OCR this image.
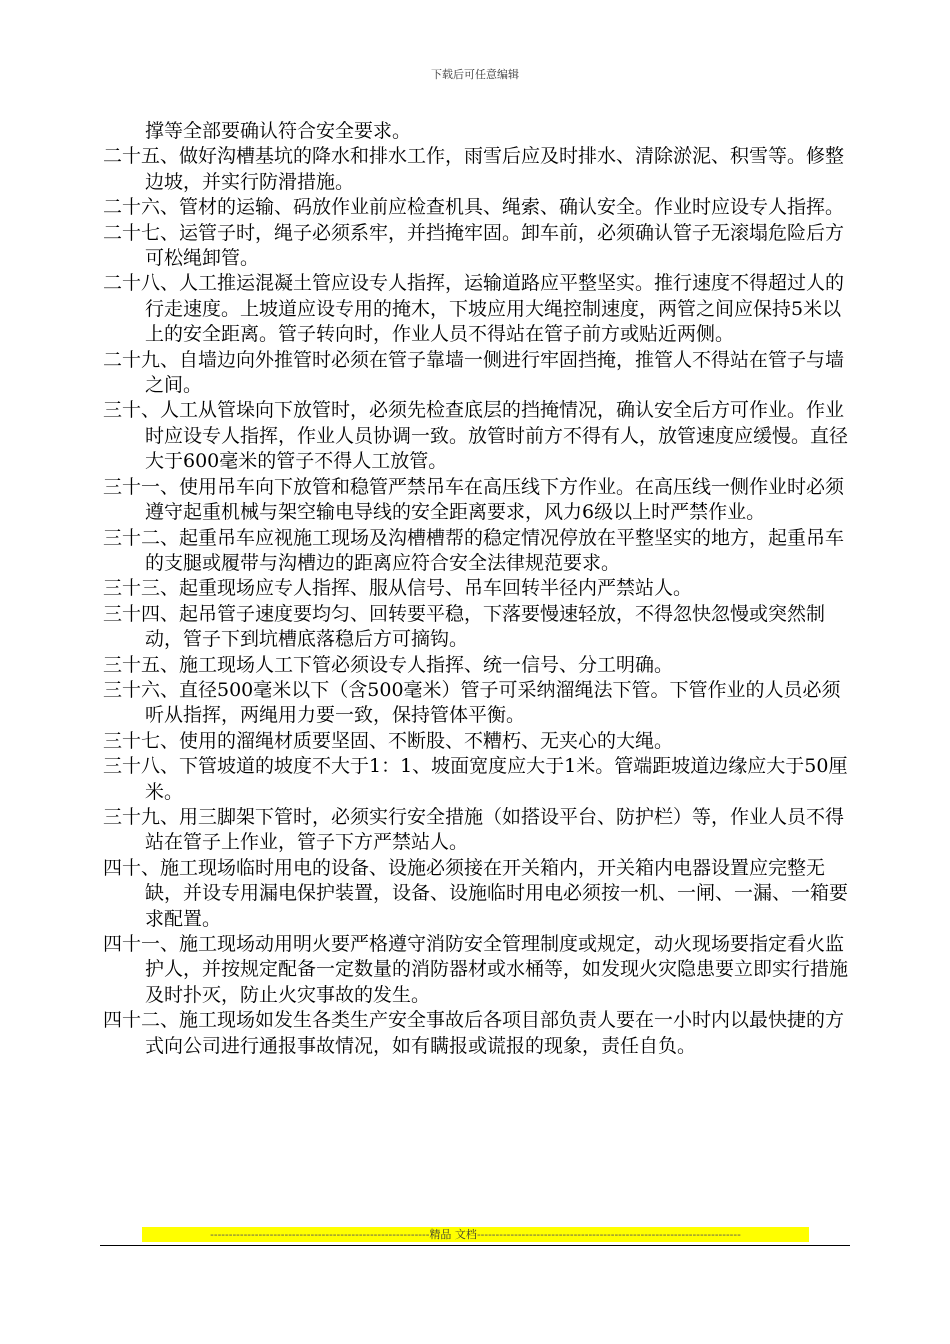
下载后可任意编辑

撑等全部要确认符合安全要求。

二十五、做好沟槽基坑的降水和排水工作，雨雪后应及时排水、清除淤泥、积雪等。修整边坡，并实行防滑措施。

二十六、管材的运输、码放作业前应检查机具、绳索、确认安全。作业时应设专人指挥。

二十七、运管子时，绳子必须系牢，并挡掩牢固。卸车前，必须确认管子无滚塌危险后方可松绳卸管。

二十八、人工推运混凝土管应设专人指挥，运输道路应平整坚实。推行速度不得超过人的行走速度。上坡道应设专用的掩木，下坡应用大绳控制速度，两管之间应保持5米以上的安全距离。管子转向时，作业人员不得站在管子前方或贴近两侧。

二十九、自墙边向外推管时必须在管子靠墙一侧进行牢固挡掩，推管人不得站在管子与墙之间。

三十、人工从管垛向下放管时，必须先检查底层的挡掩情况，确认安全后方可作业。作业时应设专人指挥，作业人员协调一致。放管时前方不得有人，放管速度应缓慢。直径大于600毫米的管子不得人工放管。

三十一、使用吊车向下放管和稳管严禁吊车在高压线下方作业。在高压线一侧作业时必须遵守起重机械与架空输电导线的安全距离要求，风力6级以上时严禁作业。

三十二、起重吊车应视施工现场及沟槽槽帮的稳定情况停放在平整坚实的地方，起重吊车的支腿或履带与沟槽边的距离应符合安全法律规范要求。

三十三、起重现场应专人指挥、服从信号、吊车回转半径内严禁站人。

三十四、起吊管子速度要均匀、回转要平稳，下落要慢速轻放，不得忽快忽慢或突然制动，管子下到坑槽底落稳后方可摘钩。

三十五、施工现场人工下管必须设专人指挥、统一信号、分工明确。

三十六、直径500毫米以下（含500毫米）管子可采纳溜绳法下管。下管作业的人员必须听从指挥，两绳用力要一致，保持管体平衡。

三十七、使用的溜绳材质要坚固、不断股、不糟朽、无夹心的大绳。

三十八、下管坡道的坡度不大于1：1、坡面宽度应大于1米。管端距坡道边缘应大于50厘米。

三十九、用三脚架下管时，必须实行安全措施（如搭设平台、防护栏）等，作业人员不得站在管子上作业，管子下方严禁站人。

四十、施工现场临时用电的设备、设施必须接在开关箱内，开关箱内电器设置应完整无缺，并设专用漏电保护装置，设备、设施临时用电必须按一机、一闸、一漏、一箱要求配置。

四十一、施工现场动用明火要严格遵守消防安全管理制度或规定，动火现场要指定看火监护人，并按规定配备一定数量的消防器材或水桶等，如发现火灾隐患要立即实行措施及时扑灭，防止火灾事故的发生。

四十二、施工现场如发生各类生产安全事故后各项目部负责人要在一小时内以最快捷的方式向公司进行通报事故情况，如有瞒报或谎报的现象，责任自负。

-----------------------------------------------------------精品 文档-----------------------------------------------------------------------
